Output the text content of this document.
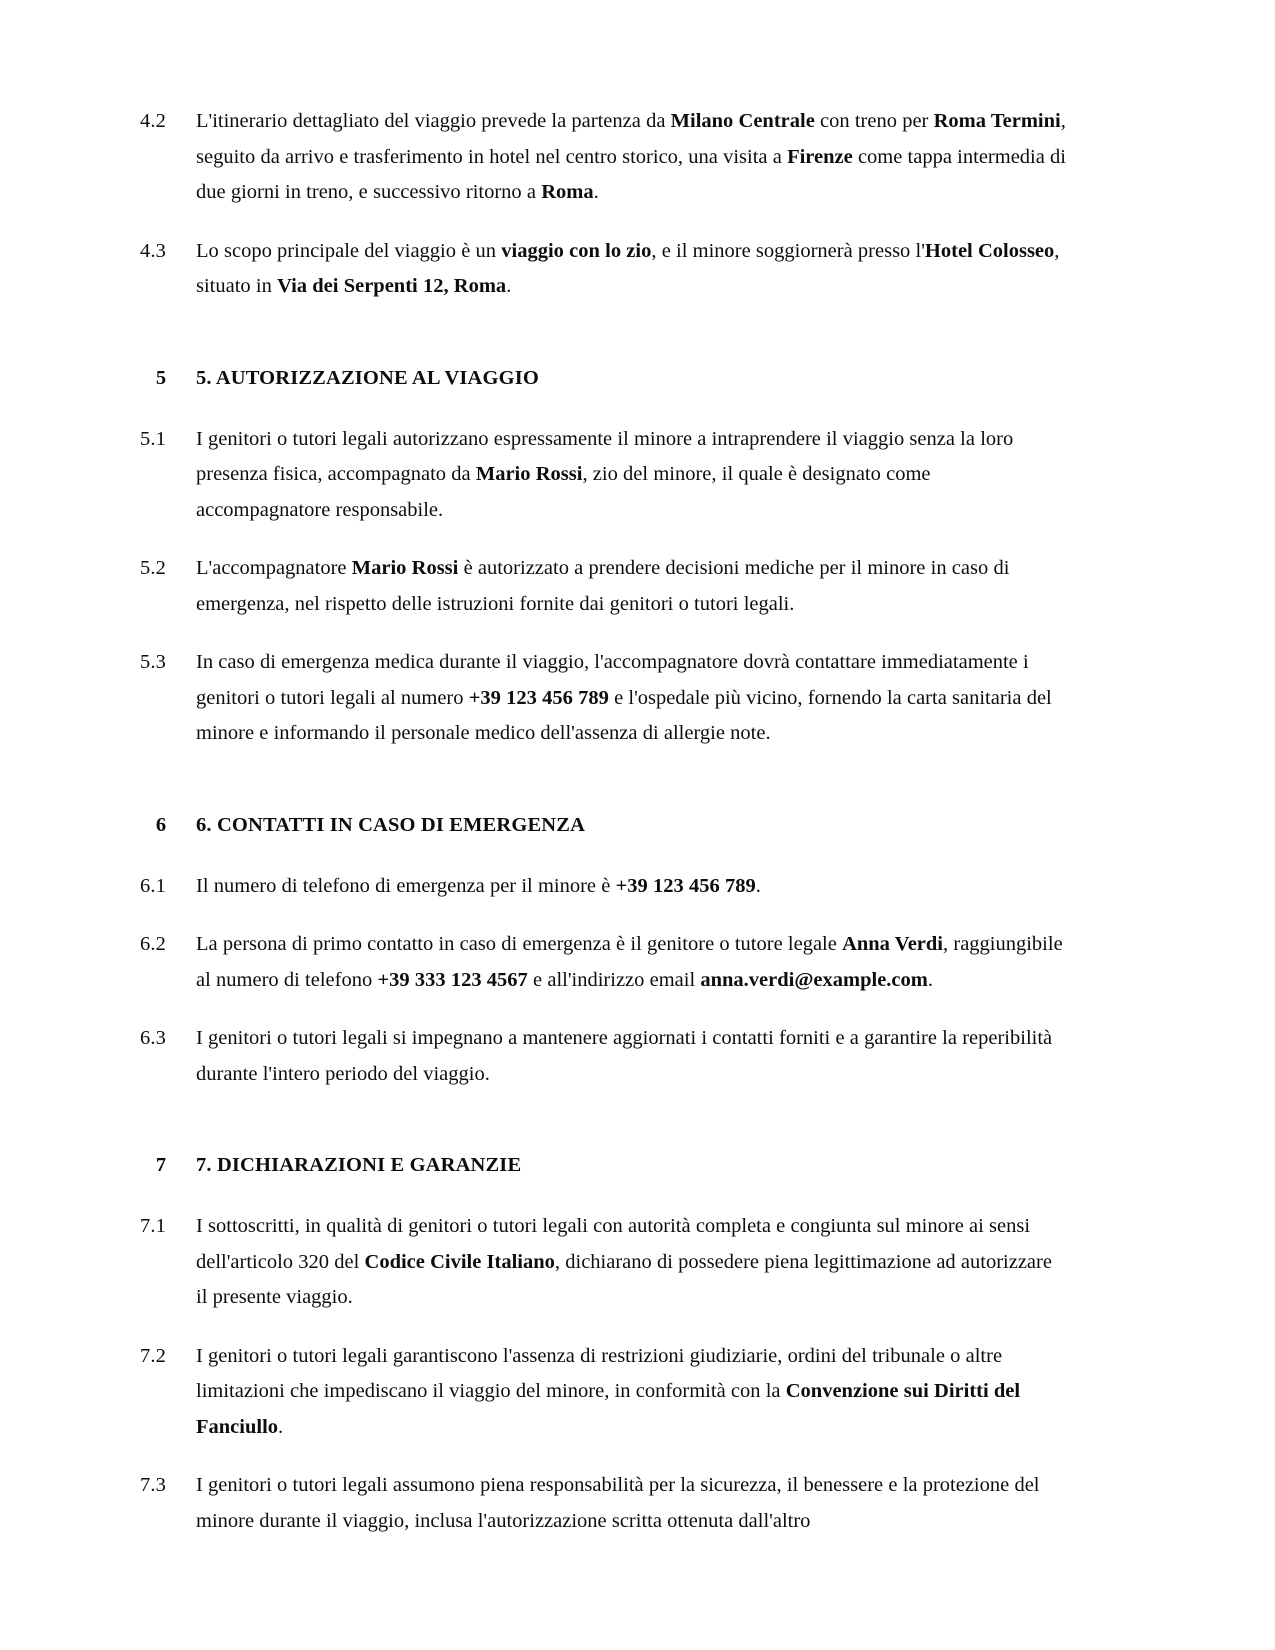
4.2	L'itinerario dettagliato del viaggio prevede la partenza da Milano Centrale con treno per Roma Termini, seguito da arrivo e trasferimento in hotel nel centro storico, una visita a Firenze come tappa intermedia di due giorni in treno, e successivo ritorno a Roma.
4.3	Lo scopo principale del viaggio è un viaggio con lo zio, e il minore soggiornerà presso l'Hotel Colosseo, situato in Via dei Serpenti 12, Roma.
5	5. AUTORIZZAZIONE AL VIAGGIO
5.1	I genitori o tutori legali autorizzano espressamente il minore a intraprendere il viaggio senza la loro presenza fisica, accompagnato da Mario Rossi, zio del minore, il quale è designato come accompagnatore responsabile.
5.2	L'accompagnatore Mario Rossi è autorizzato a prendere decisioni mediche per il minore in caso di emergenza, nel rispetto delle istruzioni fornite dai genitori o tutori legali.
5.3	In caso di emergenza medica durante il viaggio, l'accompagnatore dovrà contattare immediatamente i genitori o tutori legali al numero +39 123 456 789 e l'ospedale più vicino, fornendo la carta sanitaria del minore e informando il personale medico dell'assenza di allergie note.
6	6. CONTATTI IN CASO DI EMERGENZA
6.1	Il numero di telefono di emergenza per il minore è +39 123 456 789.
6.2	La persona di primo contatto in caso di emergenza è il genitore o tutore legale Anna Verdi, raggiungibile al numero di telefono +39 333 123 4567 e all'indirizzo email anna.verdi@example.com.
6.3	I genitori o tutori legali si impegnano a mantenere aggiornati i contatti forniti e a garantire la reperibilità durante l'intero periodo del viaggio.
7	7. DICHIARAZIONI E GARANZIE
7.1	I sottoscritti, in qualità di genitori o tutori legali con autorità completa e congiunta sul minore ai sensi dell'articolo 320 del Codice Civile Italiano, dichiarano di possedere piena legittimazione ad autorizzare il presente viaggio.
7.2	I genitori o tutori legali garantiscono l'assenza di restrizioni giudiziarie, ordini del tribunale o altre limitazioni che impediscano il viaggio del minore, in conformità con la Convenzione sui Diritti del Fanciullo.
7.3	I genitori o tutori legali assumono piena responsabilità per la sicurezza, il benessere e la protezione del minore durante il viaggio, inclusa l'autorizzazione scritta ottenuta dall'altro
